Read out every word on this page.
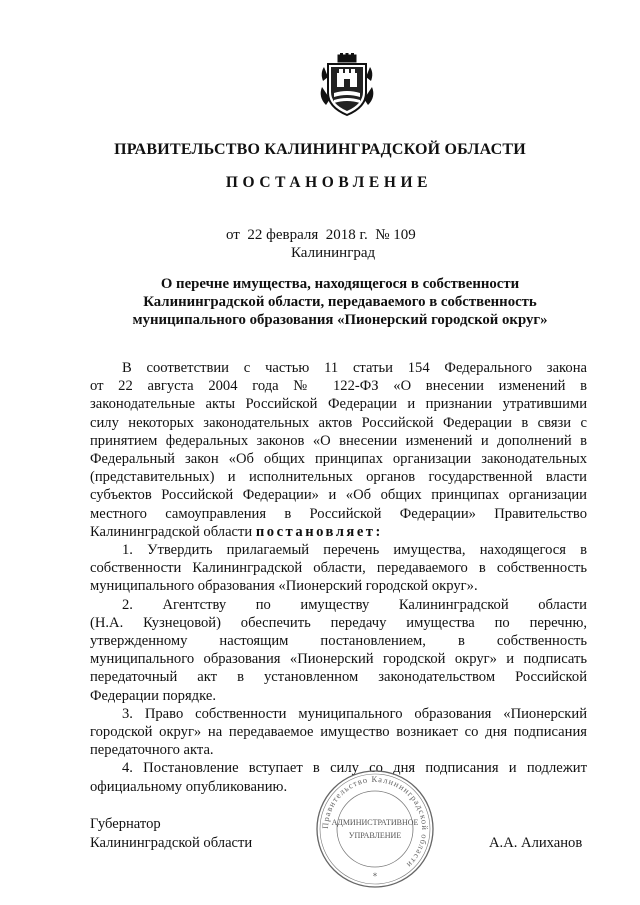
ПРАВИТЕЛЬСТВО КАЛИНИНГРАДСКОЙ ОБЛАСТИ
ПОСТАНОВЛЕНИЕ
от  22 февраля  2018 г.  № 109
Калининград
О перечне имущества, находящегося в собственности
Калининградской области, передаваемого в собственность
муниципального образования «Пионерский городской округ»
В соответствии с частью 11 статьи 154 Федерального закона
от 22 августа 2004 года № 122-ФЗ «О внесении изменений в
законодательные акты Российской Федерации и признании утратившими
силу некоторых законодательных актов Российской Федерации в связи с
принятием федеральных законов «О внесении изменений и дополнений в
Федеральный закон «Об общих принципах организации законодательных
(представительных) и исполнительных органов государственной власти
субъектов Российской Федерации» и «Об общих принципах организации
местного самоуправления в Российской Федерации» Правительство
Калининградской области постановляет:
1. Утвердить прилагаемый перечень имущества, находящегося в
собственности Калининградской области, передаваемого в собственность
муниципального образования «Пионерский городской округ».
2. Агентству по имуществу Калининградской области
(Н.А. Кузнецовой) обеспечить передачу имущества по перечню,
утвержденному настоящим постановлением, в собственность
муниципального образования «Пионерский городской округ» и подписать
передаточный акт в установленном законодательством Российской
Федерации порядке.
3. Право собственности муниципального образования «Пионерский
городской округ» на передаваемое имущество возникает со дня подписания
передаточного акта.
4. Постановление вступает в силу со дня подписания и подлежит
официальному опубликованию.
Губернатор
Калининградской области	А.А. Алиханов
Правительство Калининградской области
АДМИНИСТРАТИВНОЕ
УПРАВЛЕНИЕ
*
